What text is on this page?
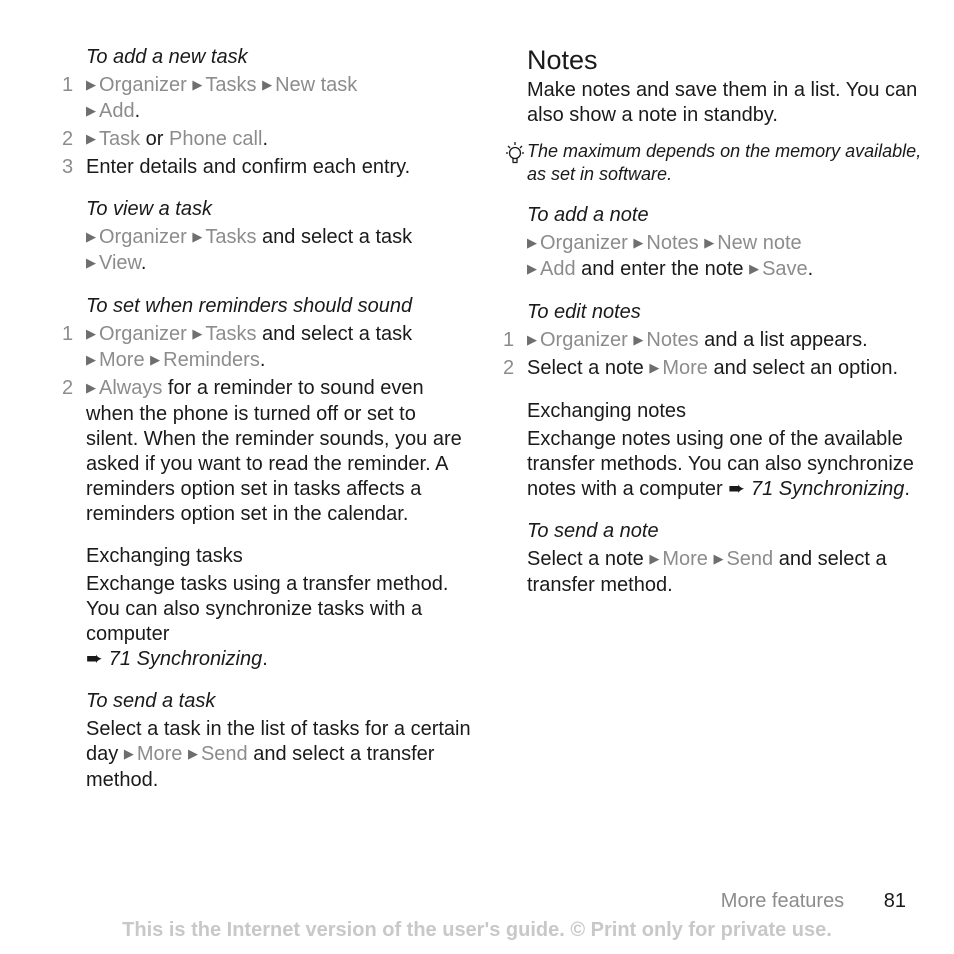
To add a new task
1 ▶ Organizer ▶ Tasks ▶ New task
▶ Add.
2 ▶ Task or Phone call.
3 Enter details and confirm each entry.
To view a task
▶ Organizer ▶ Tasks and select a task
▶ View.
To set when reminders should sound
1 ▶ Organizer ▶ Tasks and select a task
▶ More ▶ Reminders.
2 ▶ Always for a reminder to sound even when the phone is turned off or set to silent. When the reminder sounds, you are asked if you want to read the reminder. A reminders option set in tasks affects a reminders option set in the calendar.
Exchanging tasks
Exchange tasks using a transfer method. You can also synchronize tasks with a computer
➨ 71 Synchronizing.
To send a task
Select a task in the list of tasks for a certain day ▶ More ▶ Send and select a transfer method.
Notes
Make notes and save them in a list. You can also show a note in standby.
The maximum depends on the memory available, as set in software.
To add a note
▶ Organizer ▶ Notes ▶ New note
▶ Add and enter the note ▶ Save.
To edit notes
1 ▶ Organizer ▶ Notes and a list appears.
2 Select a note ▶ More and select an option.
Exchanging notes
Exchange notes using one of the available transfer methods. You can also synchronize notes with a computer ➨ 71 Synchronizing.
To send a note
Select a note ▶ More ▶ Send and select a transfer method.
More features 81
This is the Internet version of the user's guide. © Print only for private use.
